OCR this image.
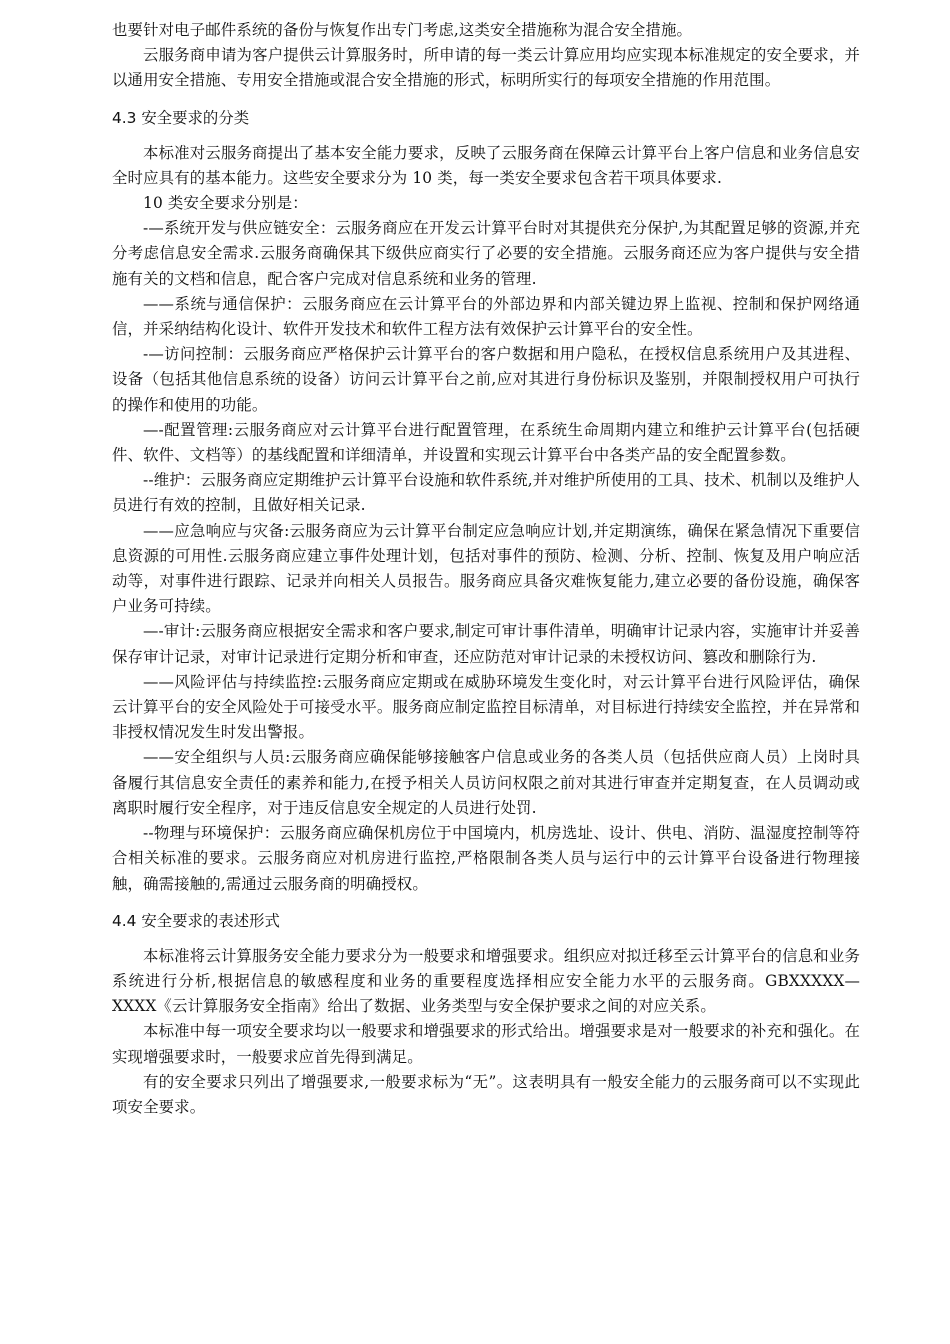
也要针对电子邮件系统的备份与恢复作出专门考虑,这类安全措施称为混合安全措施。

云服务商申请为客户提供云计算服务时，所申请的每一类云计算应用均应实现本标准规定的安全要求，并以通用安全措施、专用安全措施或混合安全措施的形式，标明所实行的每项安全措施的作用范围。

4.3 安全要求的分类

本标准对云服务商提出了基本安全能力要求，反映了云服务商在保障云计算平台上客户信息和业务信息安全时应具有的基本能力。这些安全要求分为 10 类，每一类安全要求包含若干项具体要求.

10 类安全要求分别是：

-—系统开发与供应链安全：云服务商应在开发云计算平台时对其提供充分保护,为其配置足够的资源,并充分考虑信息安全需求.云服务商确保其下级供应商实行了必要的安全措施。云服务商还应为客户提供与安全措施有关的文档和信息，配合客户完成对信息系统和业务的管理.

——系统与通信保护：云服务商应在云计算平台的外部边界和内部关键边界上监视、控制和保护网络通信，并采纳结构化设计、软件开发技术和软件工程方法有效保护云计算平台的安全性。

-—访问控制：云服务商应严格保护云计算平台的客户数据和用户隐私，在授权信息系统用户及其进程、设备（包括其他信息系统的设备）访问云计算平台之前,应对其进行身份标识及鉴别，并限制授权用户可执行的操作和使用的功能。

—-配置管理:云服务商应对云计算平台进行配置管理，在系统生命周期内建立和维护云计算平台(包括硬件、软件、文档等）的基线配置和详细清单，并设置和实现云计算平台中各类产品的安全配置参数。

--维护：云服务商应定期维护云计算平台设施和软件系统,并对维护所使用的工具、技术、机制以及维护人员进行有效的控制，且做好相关记录.

——应急响应与灾备:云服务商应为云计算平台制定应急响应计划,并定期演练，确保在紧急情况下重要信息资源的可用性.云服务商应建立事件处理计划，包括对事件的预防、检测、分析、控制、恢复及用户响应活动等，对事件进行跟踪、记录并向相关人员报告。服务商应具备灾难恢复能力,建立必要的备份设施，确保客户业务可持续。

—-审计:云服务商应根据安全需求和客户要求,制定可审计事件清单，明确审计记录内容，实施审计并妥善保存审计记录，对审计记录进行定期分析和审查，还应防范对审计记录的未授权访问、篡改和删除行为.

——风险评估与持续监控:云服务商应定期或在威胁环境发生变化时，对云计算平台进行风险评估，确保云计算平台的安全风险处于可接受水平。服务商应制定监控目标清单，对目标进行持续安全监控，并在异常和非授权情况发生时发出警报。

——安全组织与人员:云服务商应确保能够接触客户信息或业务的各类人员（包括供应商人员）上岗时具备履行其信息安全责任的素养和能力,在授予相关人员访问权限之前对其进行审查并定期复查，在人员调动或离职时履行安全程序，对于违反信息安全规定的人员进行处罚.

--物理与环境保护：云服务商应确保机房位于中国境内，机房选址、设计、供电、消防、温湿度控制等符合相关标准的要求。云服务商应对机房进行监控,严格限制各类人员与运行中的云计算平台设备进行物理接触，确需接触的,需通过云服务商的明确授权。

4.4 安全要求的表述形式

本标准将云计算服务安全能力要求分为一般要求和增强要求。组织应对拟迁移至云计算平台的信息和业务系统进行分析,根据信息的敏感程度和业务的重要程度选择相应安全能力水平的云服务商。GBXXXXX—XXXX《云计算服务安全指南》给出了数据、业务类型与安全保护要求之间的对应关系。

本标准中每一项安全要求均以一般要求和增强要求的形式给出。增强要求是对一般要求的补充和强化。在实现增强要求时，一般要求应首先得到满足。

有的安全要求只列出了增强要求,一般要求标为“无”。这表明具有一般安全能力的云服务商可以不实现此项安全要求。
